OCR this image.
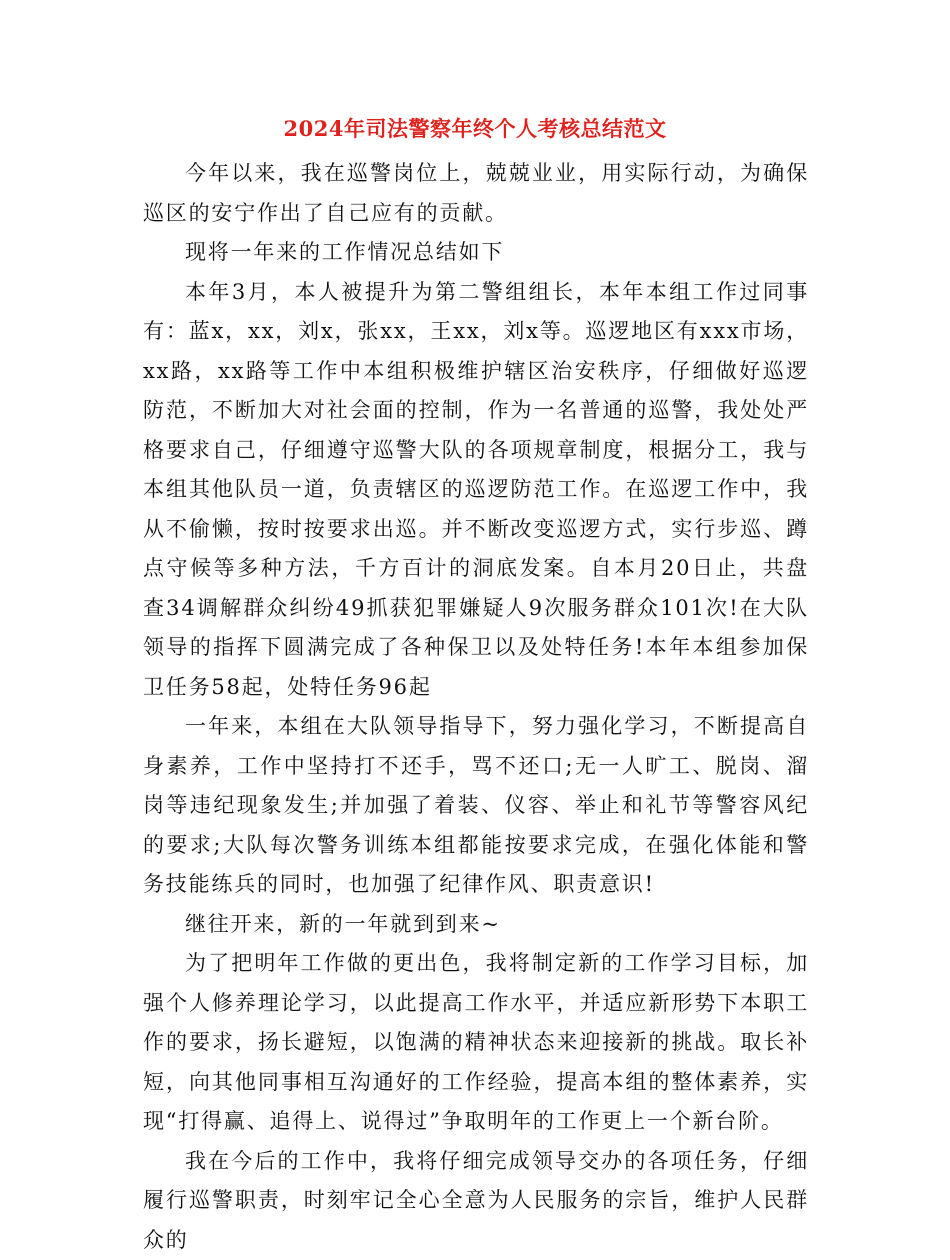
2024年司法警察年终个人考核总结范文

今年以来，我在巡警岗位上，兢兢业业，用实际行动，为确保巡区的安宁作出了自己应有的贡献。

现将一年来的工作情况总结如下

本年3月，本人被提升为第二警组组长，本年本组工作过同事有：蓝x，xx，刘x，张xx，王xx，刘x等。巡逻地区有xxx市场，xx路，xx路等工作中本组积极维护辖区治安秩序，仔细做好巡逻防范，不断加大对社会面的控制，作为一名普通的巡警，我处处严格要求自己，仔细遵守巡警大队的各项规章制度，根据分工，我与本组其他队员一道，负责辖区的巡逻防范工作。在巡逻工作中，我从不偷懒，按时按要求出巡。并不断改变巡逻方式，实行步巡、蹲点守候等多种方法，千方百计的洞底发案。自本月20日止，共盘查34调解群众纠纷49抓获犯罪嫌疑人9次服务群众101次!在大队领导的指挥下圆满完成了各种保卫以及处特任务!本年本组参加保卫任务58起，处特任务96起

一年来，本组在大队领导指导下，努力强化学习，不断提高自身素养，工作中坚持打不还手，骂不还口;无一人旷工、脱岗、溜岗等违纪现象发生;并加强了着装、仪容、举止和礼节等警容风纪的要求;大队每次警务训练本组都能按要求完成，在强化体能和警务技能练兵的同时，也加强了纪律作风、职责意识!

继往开来，新的一年就到到来~

为了把明年工作做的更出色，我将制定新的工作学习目标，加强个人修养理论学习，以此提高工作水平，并适应新形势下本职工作的要求，扬长避短，以饱满的精神状态来迎接新的挑战。取长补短，向其他同事相互沟通好的工作经验，提高本组的整体素养，实现“打得赢、追得上、说得过”争取明年的工作更上一个新台阶。

我在今后的工作中，我将仔细完成领导交办的各项任务，仔细履行巡警职责，时刻牢记全心全意为人民服务的宗旨，维护人民群众的
